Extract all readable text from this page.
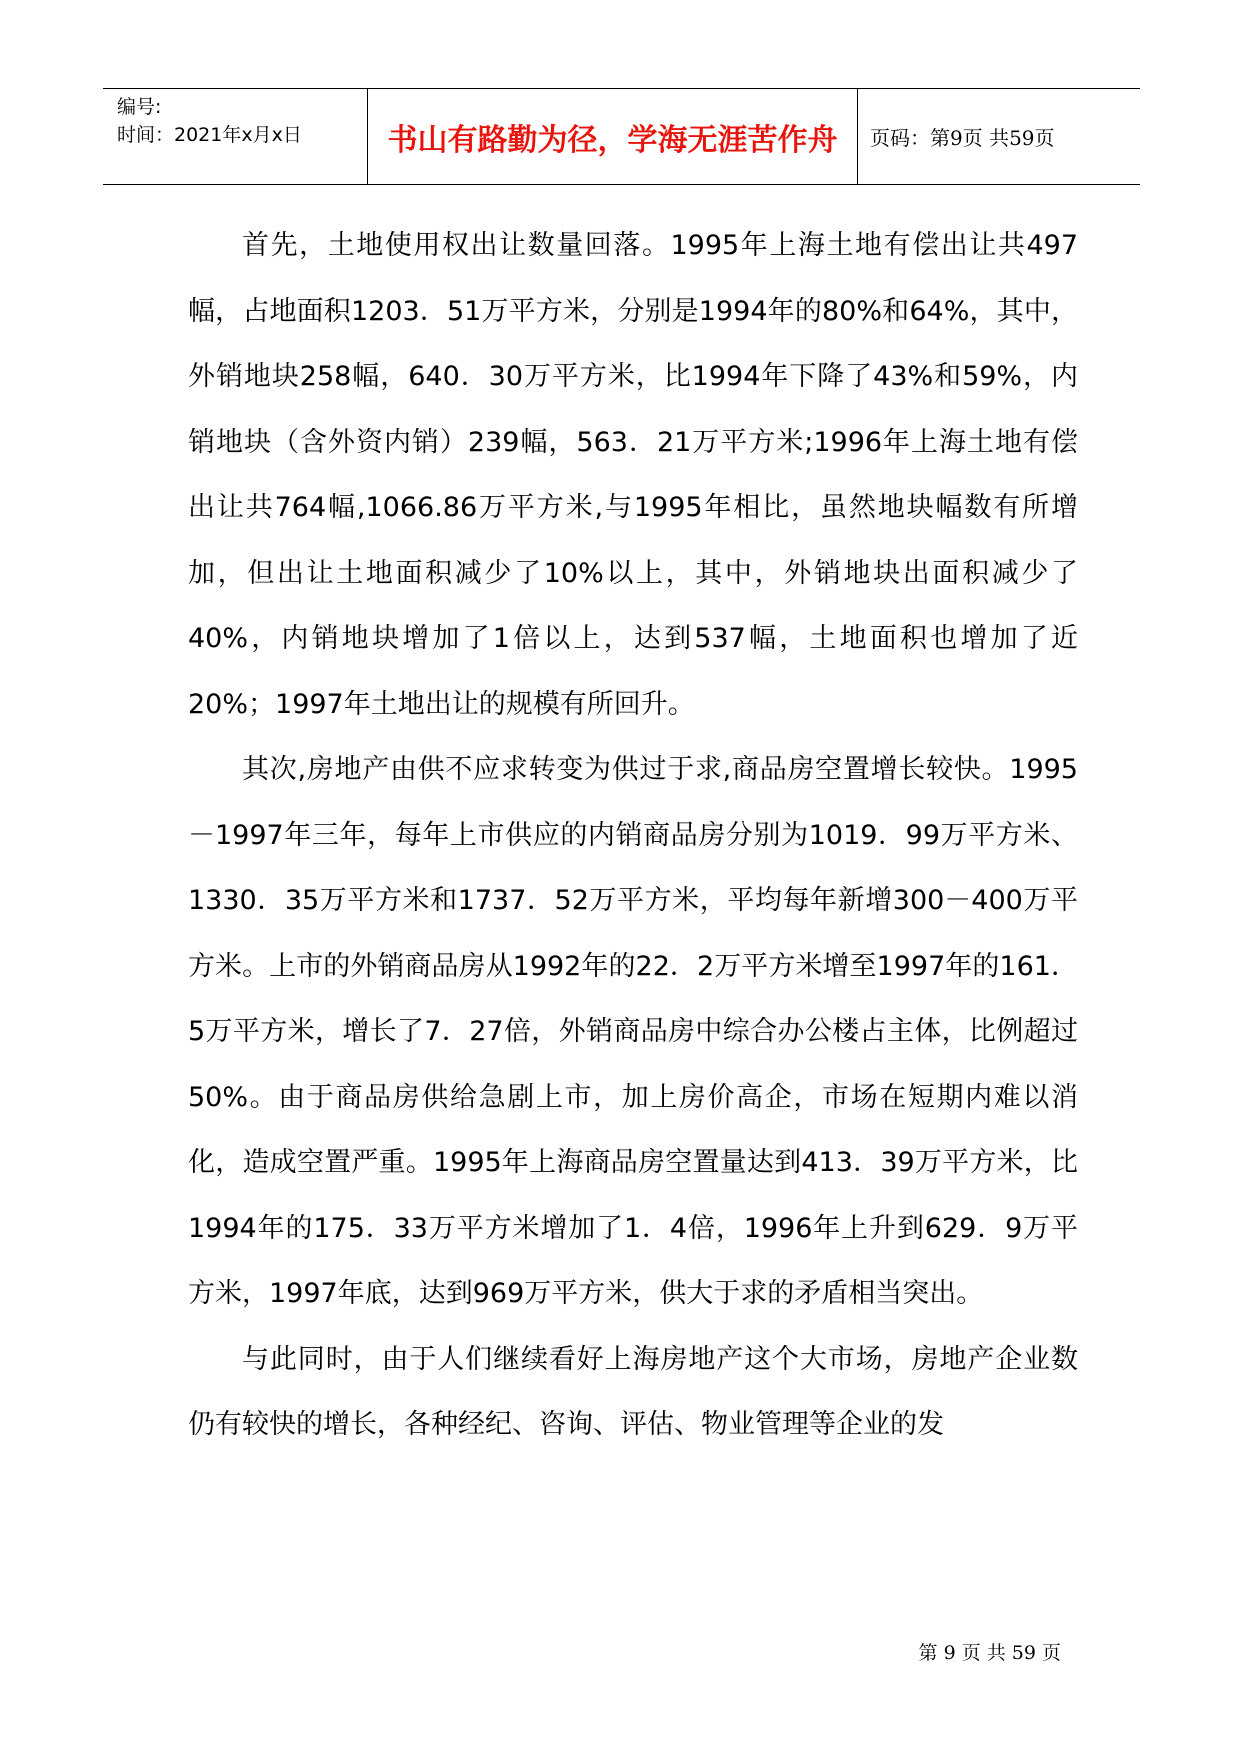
编号:
时间：2021年x月x日	书山有路勤为径，学海无涯苦作舟	页码：第9页 共59页

首先，土地使用权出让数量回落。1995年上海土地有偿出让共497幅，占地面积1203．51万平方米，分别是1994年的80%和64%，其中，外销地块258幅，640．30万平方米，比1994年下降了43%和59%，内销地块（含外资内销）239幅，563．21万平方米;1996年上海土地有偿出让共764幅,1066.86万平方米,与1995年相比，虽然地块幅数有所增加，但出让土地面积减少了10%以上，其中，外销地块出面积减少了40%，内销地块增加了1倍以上，达到537幅，土地面积也增加了近20%；1997年土地出让的规模有所回升。

其次,房地产由供不应求转变为供过于求,商品房空置增长较快。1995－1997年三年，每年上市供应的内销商品房分别为1019．99万平方米、1330．35万平方米和1737．52万平方米，平均每年新增300－400万平方米。上市的外销商品房从1992年的22．2万平方米增至1997年的161．5万平方米，增长了7．27倍，外销商品房中综合办公楼占主体，比例超过50%。由于商品房供给急剧上市，加上房价高企，市场在短期内难以消化，造成空置严重。1995年上海商品房空置量达到413．39万平方米，比1994年的175．33万平方米增加了1．4倍，1996年上升到629．9万平方米，1997年底，达到969万平方米，供大于求的矛盾相当突出。

与此同时，由于人们继续看好上海房地产这个大市场，房地产企业数仍有较快的增长，各种经纪、咨询、评估、物业管理等企业的发

第 9 页 共 59 页
